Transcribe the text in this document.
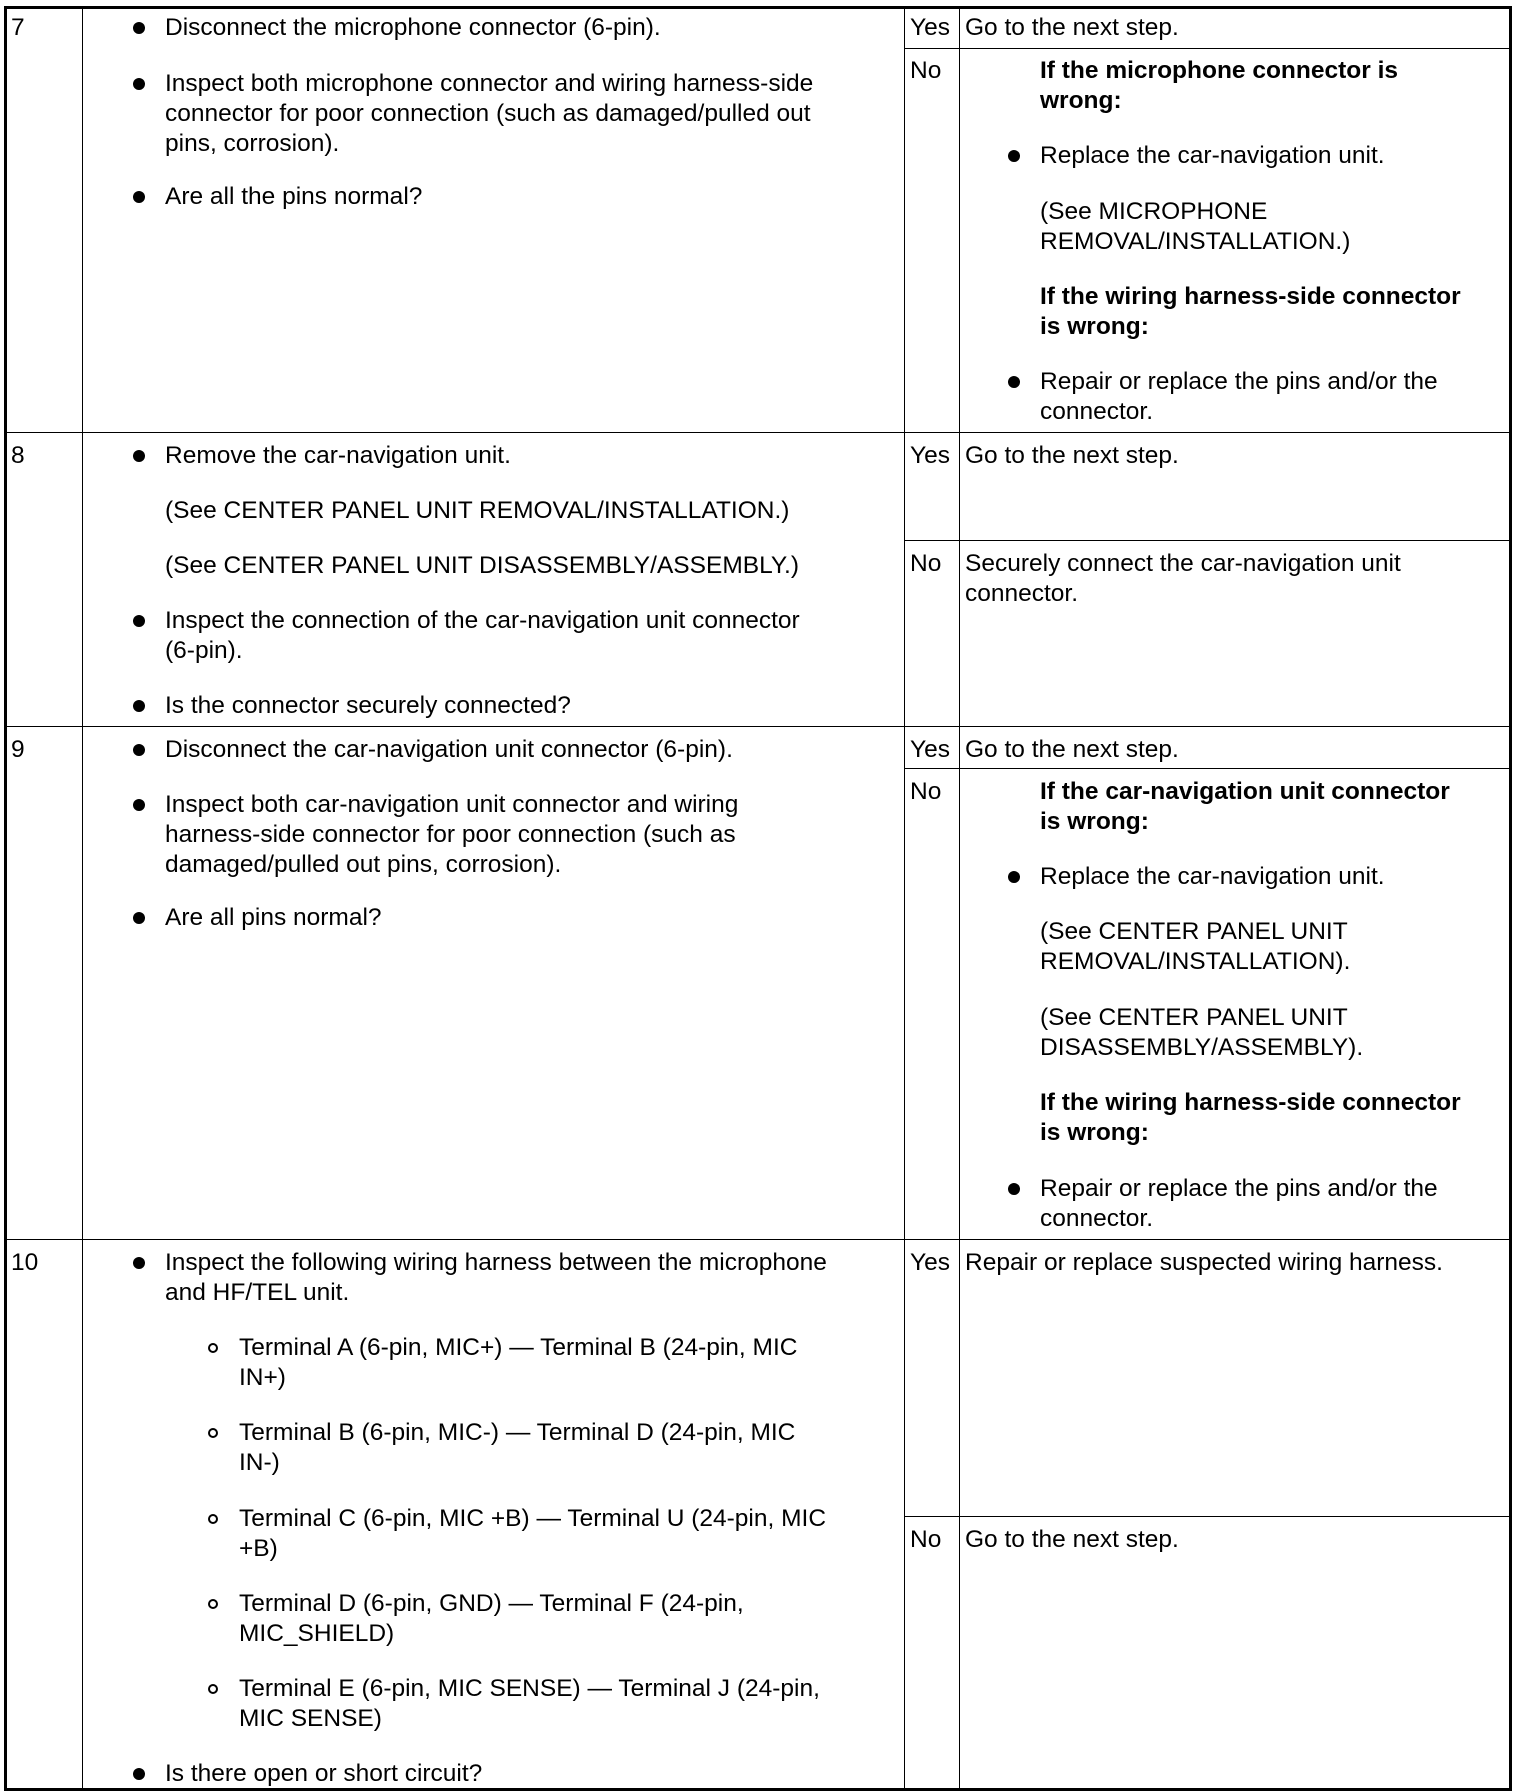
7	Disconnect the microphone connector (6-pin).
Inspect both microphone connector and wiring harness-side
connector for poor connection (such as damaged/pulled out
pins, corrosion).
Are all the pins normal?
Yes Go to the next step.
No	If the microphone connector is
wrong:
Replace the car-navigation unit.
(See MICROPHONE
REMOVAL/INSTALLATION.)
If the wiring harness-side connector
is wrong:
Repair or replace the pins and/or the
connector.
8	Remove the car-navigation unit.
(See CENTER PANEL UNIT REMOVAL/INSTALLATION.)
(See CENTER PANEL UNIT DISASSEMBLY/ASSEMBLY.)
Inspect the connection of the car-navigation unit connector
(6-pin).
Is the connector securely connected?
Yes Go to the next step.
No Securely connect the car-navigation unit
connector.
9	Disconnect the car-navigation unit connector (6-pin).
Inspect both car-navigation unit connector and wiring
harness-side connector for poor connection (such as
damaged/pulled out pins, corrosion).
Are all pins normal?
Yes Go to the next step.
No	If the car-navigation unit connector
is wrong:
Replace the car-navigation unit.
(See CENTER PANEL UNIT
REMOVAL/INSTALLATION).
(See CENTER PANEL UNIT
DISASSEMBLY/ASSEMBLY).
If the wiring harness-side connector
is wrong:
Repair or replace the pins and/or the
connector.
10	Inspect the following wiring harness between the microphone
and HF/TEL unit.
Terminal A (6-pin, MIC+) — Terminal B (24-pin, MIC
IN+)
Terminal B (6-pin, MIC-) — Terminal D (24-pin, MIC
IN-)
Terminal C (6-pin, MIC +B) — Terminal U (24-pin, MIC
+B)
Terminal D (6-pin, GND) — Terminal F (24-pin,
MIC_SHIELD)
Terminal E (6-pin, MIC SENSE) — Terminal J (24-pin,
MIC SENSE)
Is there open or short circuit?
Yes Repair or replace suspected wiring harness.
No Go to the next step.
